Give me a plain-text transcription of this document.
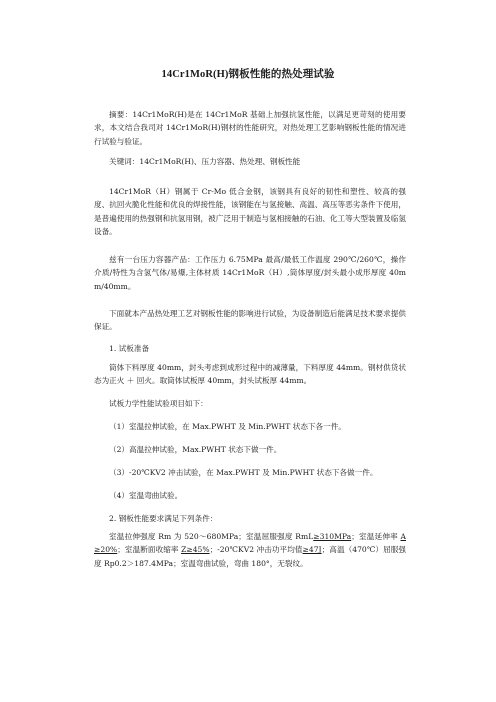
14Cr1MoR(H)钢板性能的热处理试验
摘要：14Cr1MoR(H)是在 14Cr1MoR 基础上加强抗氢性能，以满足更苛刻的使用要求，本文结合我司对 14Cr1MoR(H)钢材的性能研究，对热处理工艺影响钢板性能的情况进行试验与验证。
关键词：14Cr1MoR(H)、压力容器、热处理、钢板性能
14Cr1MoR（H）钢属于 Cr-Mo 低合金钢，该钢具有良好的韧性和塑性、较高的强度、抗回火脆化性能和优良的焊接性能，该钢能在与氢接触、高温、高压等恶劣条件下使用，是普遍使用的热强钢和抗氢用钢，被广泛用于制造与氢相接触的石油、化工等大型装置及临氢设备。
兹有一台压力容器产品：工作压力 6.75MPa 最高/最低工作温度 290℃/260℃，操作介质/特性为含氢气体/易爆,主体材质 14Cr1MoR（H）,筒体厚度/封头最小成形厚度 40mm/40mm。
下面就本产品热处理工艺对钢板性能的影响进行试验，为设备制造后能满足技术要求提供保证。
1. 试板准备
筒体下料厚度 40mm，封头考虑到成形过程中的减薄量，下料厚度 44mm。钢材供货状态为正火 ＋ 回火。取筒体试板厚 40mm，封头试板厚 44mm。
试板力学性能试验项目如下：
（1）室温拉伸试验，在 Max.PWHT 及 Min.PWHT 状态下各一件。
（2）高温拉伸试验，Max.PWHT 状态下做一件。
（3）-20℃KV2 冲击试验，在 Max.PWHT 及 Min.PWHT 状态下各做一件。
（4）室温弯曲试验。
2. 钢板性能要求满足下列条件：
室温拉伸强度 Rm 为 520～680MPa；室温屈服强度 RmL≥310MPa；室温延伸率 A≥20%；室温断面收缩率 Z≥45%；-20℃KV2 冲击功平均值≥47J；高温（470℃）屈服强度 Rp0.2＞187.4MPa；室温弯曲试验，弯曲 180°，无裂纹。
